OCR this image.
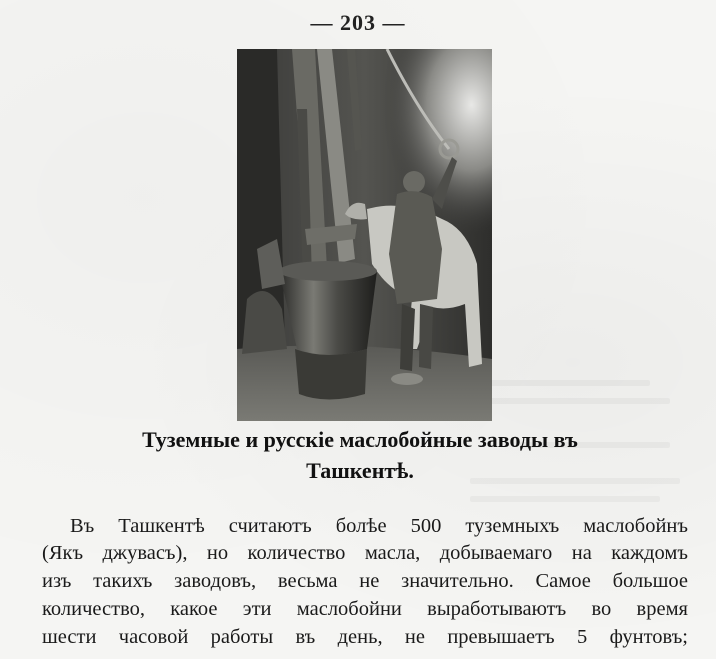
— 203 —
Туземные и русскіе маслобойные заводы въ
Ташкентѣ.
Въ Ташкентѣ считаютъ болѣе 500 туземныхъ маслобойнъ
(Якъ джувасъ), но количество масла, добываемаго на каждомъ
изъ такихъ заводовъ, весьма не значительно. Самое большое
количество, какое эти маслобойни выработываютъ во время
шести часовой работы въ день, не превышаетъ 5 фунтовъ;
